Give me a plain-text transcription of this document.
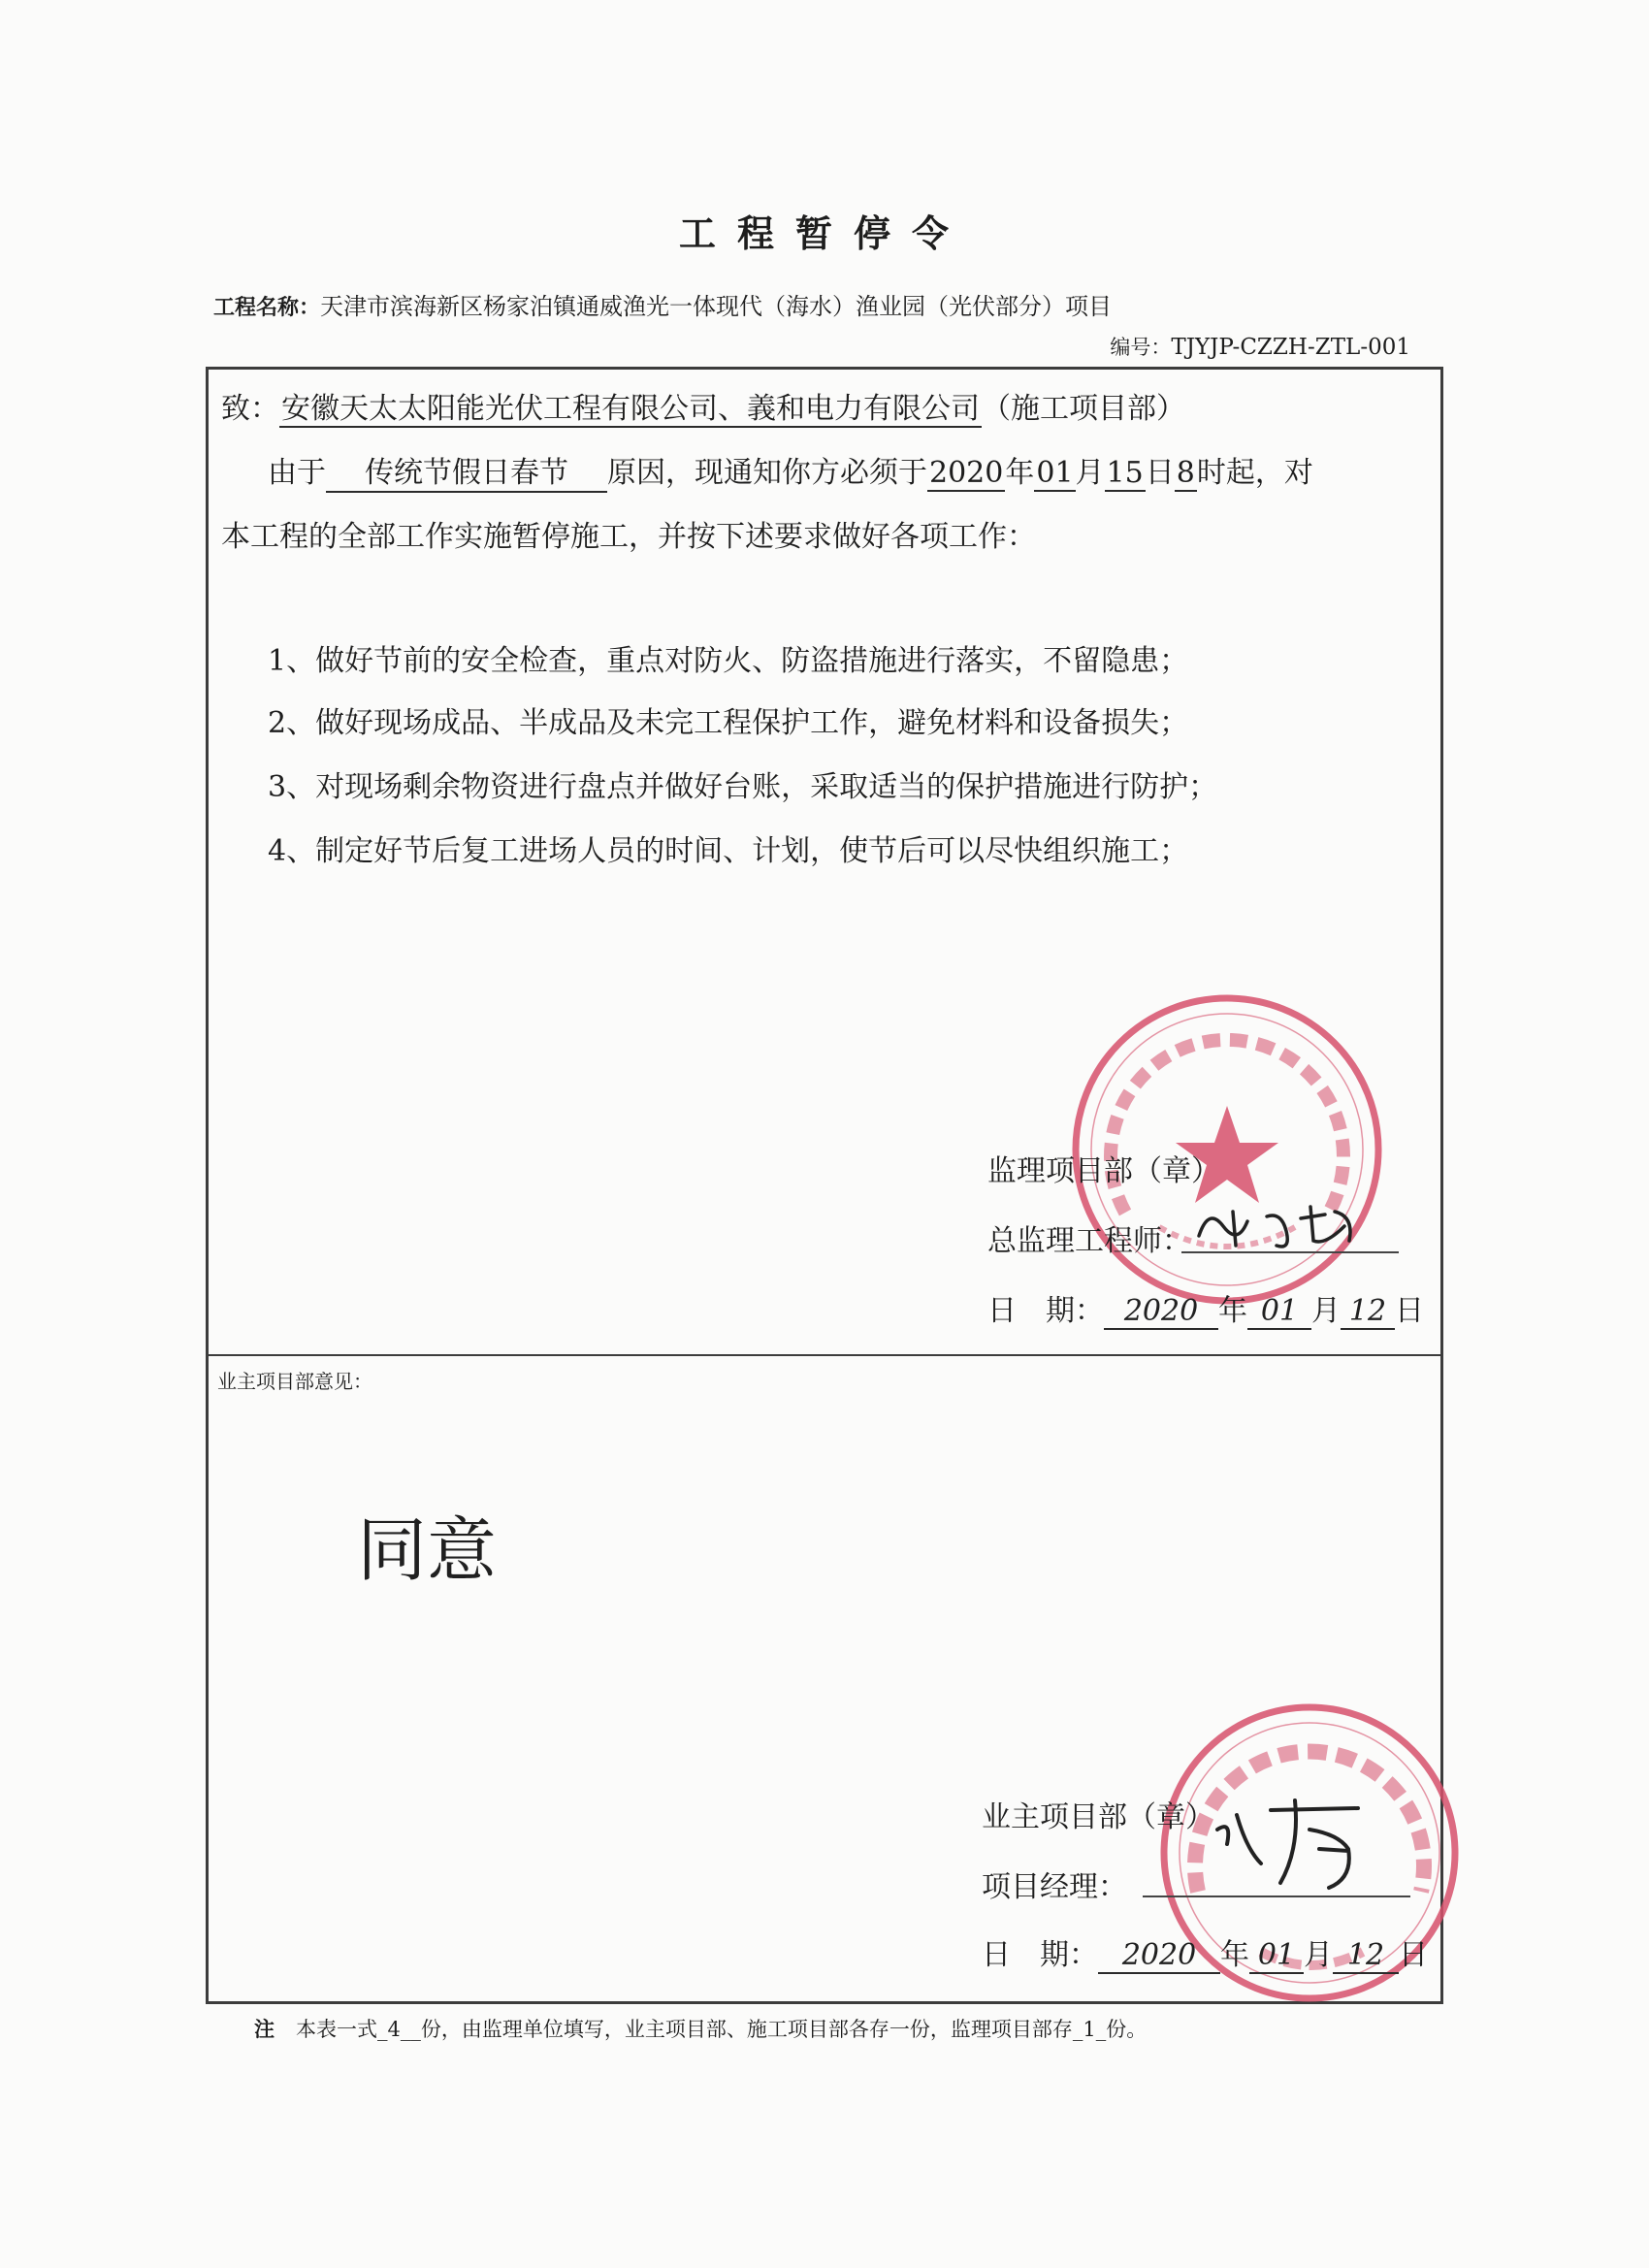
工程暂停令
工程名称：天津市滨海新区杨家泊镇通威渔光一体现代（海水）渔业园（光伏部分）项目
编号：TJYJP-CZZH-ZTL-001
致：安徽天太太阳能光伏工程有限公司、義和电力有限公司（施工项目部）
由于 传统节假日春节 原因，现通知你方必须于2020年01月15日8时起，对
本工程的全部工作实施暂停施工，并按下述要求做好各项工作：
1、做好节前的安全检查，重点对防火、防盗措施进行落实，不留隐患；
2、做好现场成品、半成品及未完工程保护工作，避免材料和设备损失；
3、对现场剩余物资进行盘点并做好台账，采取适当的保护措施进行防护；
4、制定好节后复工进场人员的时间、计划，使节后可以尽快组织施工；
监理项目部（章）
总监理工程师：
日　期： 2020 年 01 月 12 日
业主项目部意见：
同意
业主项目部（章）
项目经理：
日　期： 2020 年 01 月 12 日
注 本表一式_4__份，由监理单位填写，业主项目部、施工项目部各存一份，监理项目部存_1_份。
